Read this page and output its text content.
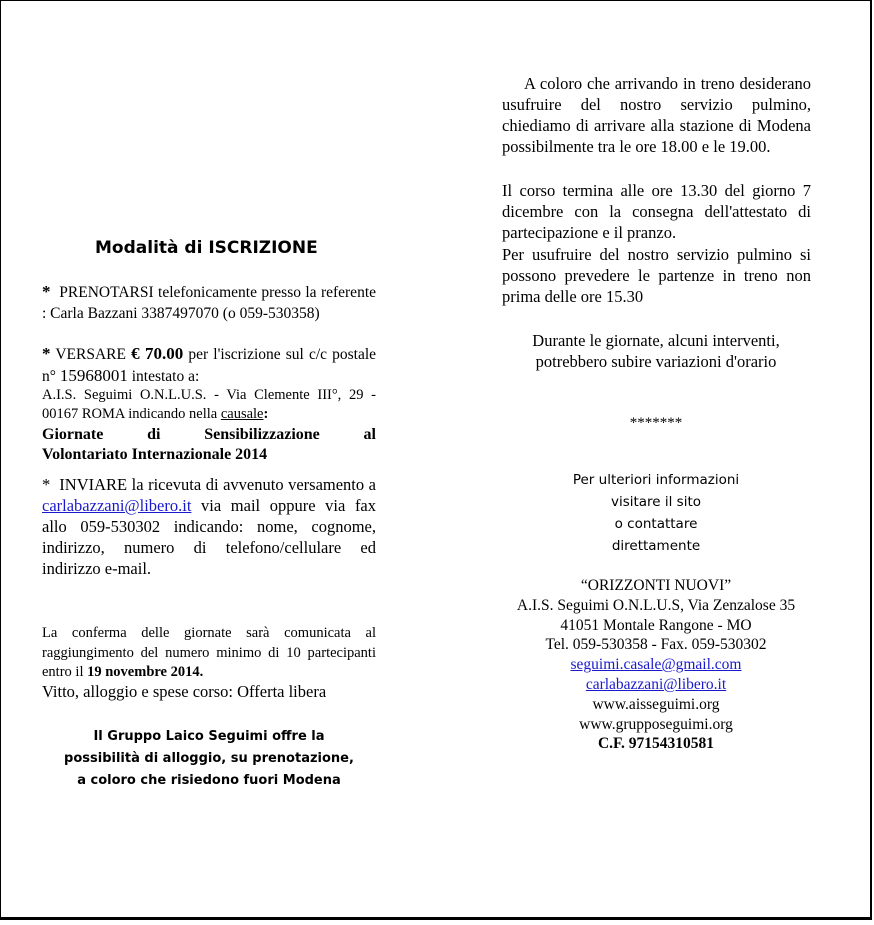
Modalità di ISCRIZIONE
* PRENOTARSI telefonicamente presso la referente : Carla Bazzani 3387497070 (o 059-530358)
* VERSARE € 70.00 per l'iscrizione sul c/c postale n° 15968001 intestato a:
A.I.S. Seguimi O.N.L.U.S. - Via Clemente III°, 29 - 00167 ROMA indicando nella causale:
Giornate di Sensibilizzazione al
Volontariato Internazionale 2014
* INVIARE la ricevuta di avvenuto versamento a carlabazzani@libero.it via mail oppure via fax allo 059-530302 indicando: nome, cognome, indirizzo, numero di telefono/cellulare ed indirizzo e-mail.
La conferma delle giornate sarà comunicata al raggiungimento del numero minimo di 10 partecipanti entro il 19 novembre 2014.
Vitto, alloggio e spese corso: Offerta libera
Il Gruppo Laico Seguimi offre la
possibilità di alloggio, su prenotazione,
a coloro che risiedono fuori Modena
A coloro che arrivando in treno desiderano usufruire del nostro servizio pulmino, chiediamo di arrivare alla stazione di Modena possibilmente tra le ore 18.00 e le 19.00.
Il corso termina alle ore 13.30 del giorno 7 dicembre con la consegna dell'attestato di partecipazione e il pranzo.
Per usufruire del nostro servizio pulmino si possono prevedere le partenze in treno non prima delle ore 15.30
Durante le giornate, alcuni interventi,
potrebbero subire variazioni d'orario
*******
Per ulteriori informazioni
visitare il sito
o contattare
direttamente
“ORIZZONTI NUOVI”
A.I.S. Seguimi O.N.L.U.S, Via Zenzalose 35
41051 Montale Rangone - MO
Tel. 059-530358 - Fax. 059-530302
seguimi.casale@gmail.com
carlabazzani@libero.it
www.aisseguimi.org
www.grupposeguimi.org
C.F. 97154310581
